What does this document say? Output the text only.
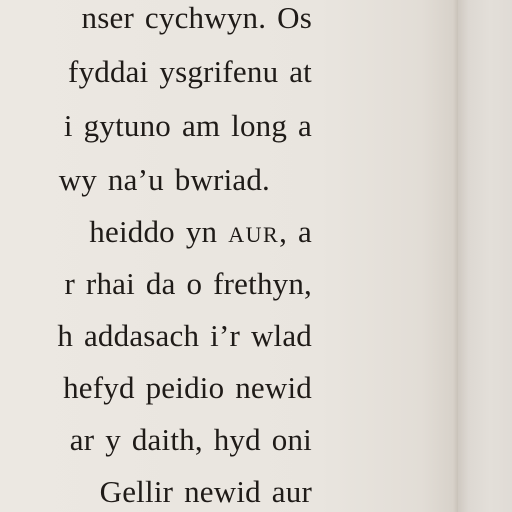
nser cychwyn. Os
fyddai ysgrifenu at
i gytuno am long a
wy na’u bwriad.
heiddo yn AUR, a
r rhai da o frethyn,
h addasach i’r wlad
hefyd peidio newid
ar y daith, hyd oni
Gellir newid aur
